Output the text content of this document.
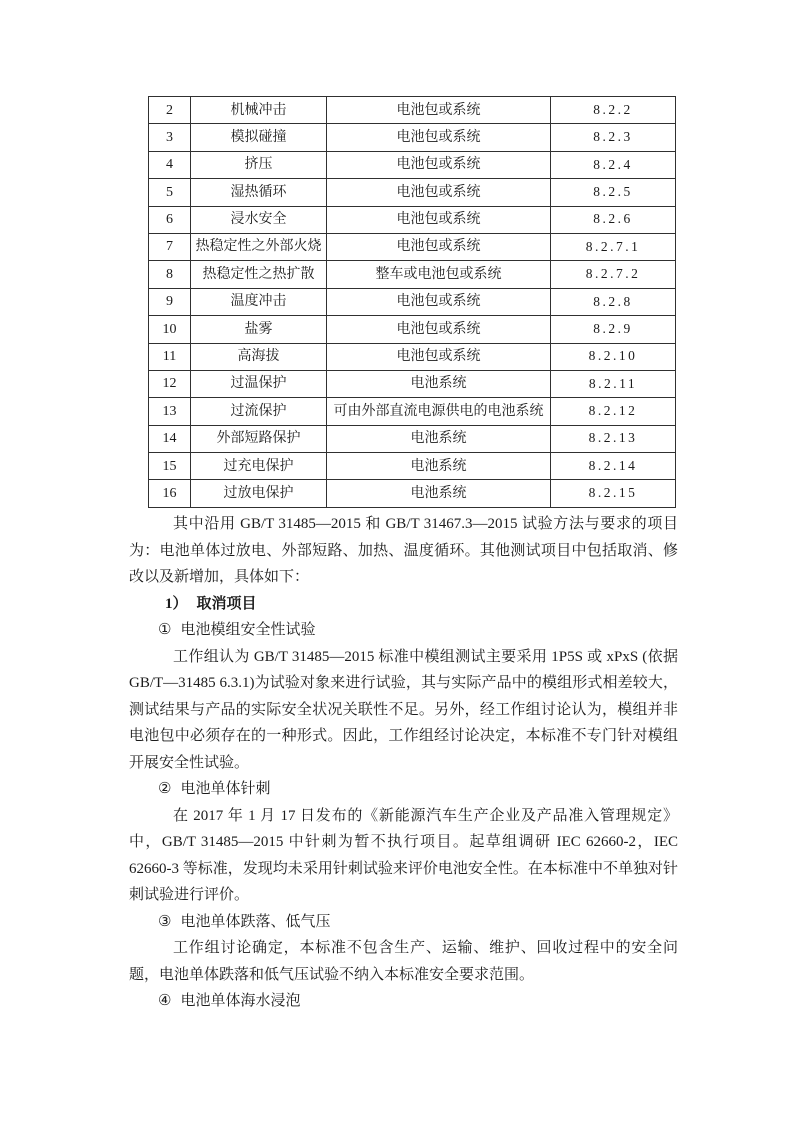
2	机械冲击	电池包或系统	8.2.2
3	模拟碰撞	电池包或系统	8.2.3
4	挤压	电池包或系统	8.2.4
5	湿热循环	电池包或系统	8.2.5
6	浸水安全	电池包或系统	8.2.6
7	热稳定性之外部火烧	电池包或系统	8.2.7.1
8	热稳定性之热扩散	整车或电池包或系统	8.2.7.2
9	温度冲击	电池包或系统	8.2.8
10	盐雾	电池包或系统	8.2.9
11	高海拔	电池包或系统	8.2.10
12	过温保护	电池系统	8.2.11
13	过流保护	可由外部直流电源供电的电池系统	8.2.12
14	外部短路保护	电池系统	8.2.13
15	过充电保护	电池系统	8.2.14
16	过放电保护	电池系统	8.2.15

其中沿用 GB/T 31485—2015 和 GB/T 31467.3—2015 试验方法与要求的项目为：电池单体过放电、外部短路、加热、温度循环。其他测试项目中包括取消、修改以及新增加，具体如下：

1） 取消项目

① 电池模组安全性试验

工作组认为 GB/T 31485—2015 标准中模组测试主要采用 1P5S 或 xPxS (依据 GB/T—31485 6.3.1)为试验对象来进行试验，其与实际产品中的模组形式相差较大，测试结果与产品的实际安全状况关联性不足。另外，经工作组讨论认为，模组并非电池包中必须存在的一种形式。因此，工作组经讨论决定，本标准不专门针对模组开展安全性试验。

② 电池单体针刺

在 2017 年 1 月 17 日发布的《新能源汽车生产企业及产品准入管理规定》中，GB/T 31485—2015 中针刺为暂不执行项目。起草组调研 IEC 62660-2，IEC 62660-3 等标准，发现均未采用针刺试验来评价电池安全性。在本标准中不单独对针刺试验进行评价。

③ 电池单体跌落、低气压

工作组讨论确定，本标准不包含生产、运输、维护、回收过程中的安全问题，电池单体跌落和低气压试验不纳入本标准安全要求范围。

④ 电池单体海水浸泡
